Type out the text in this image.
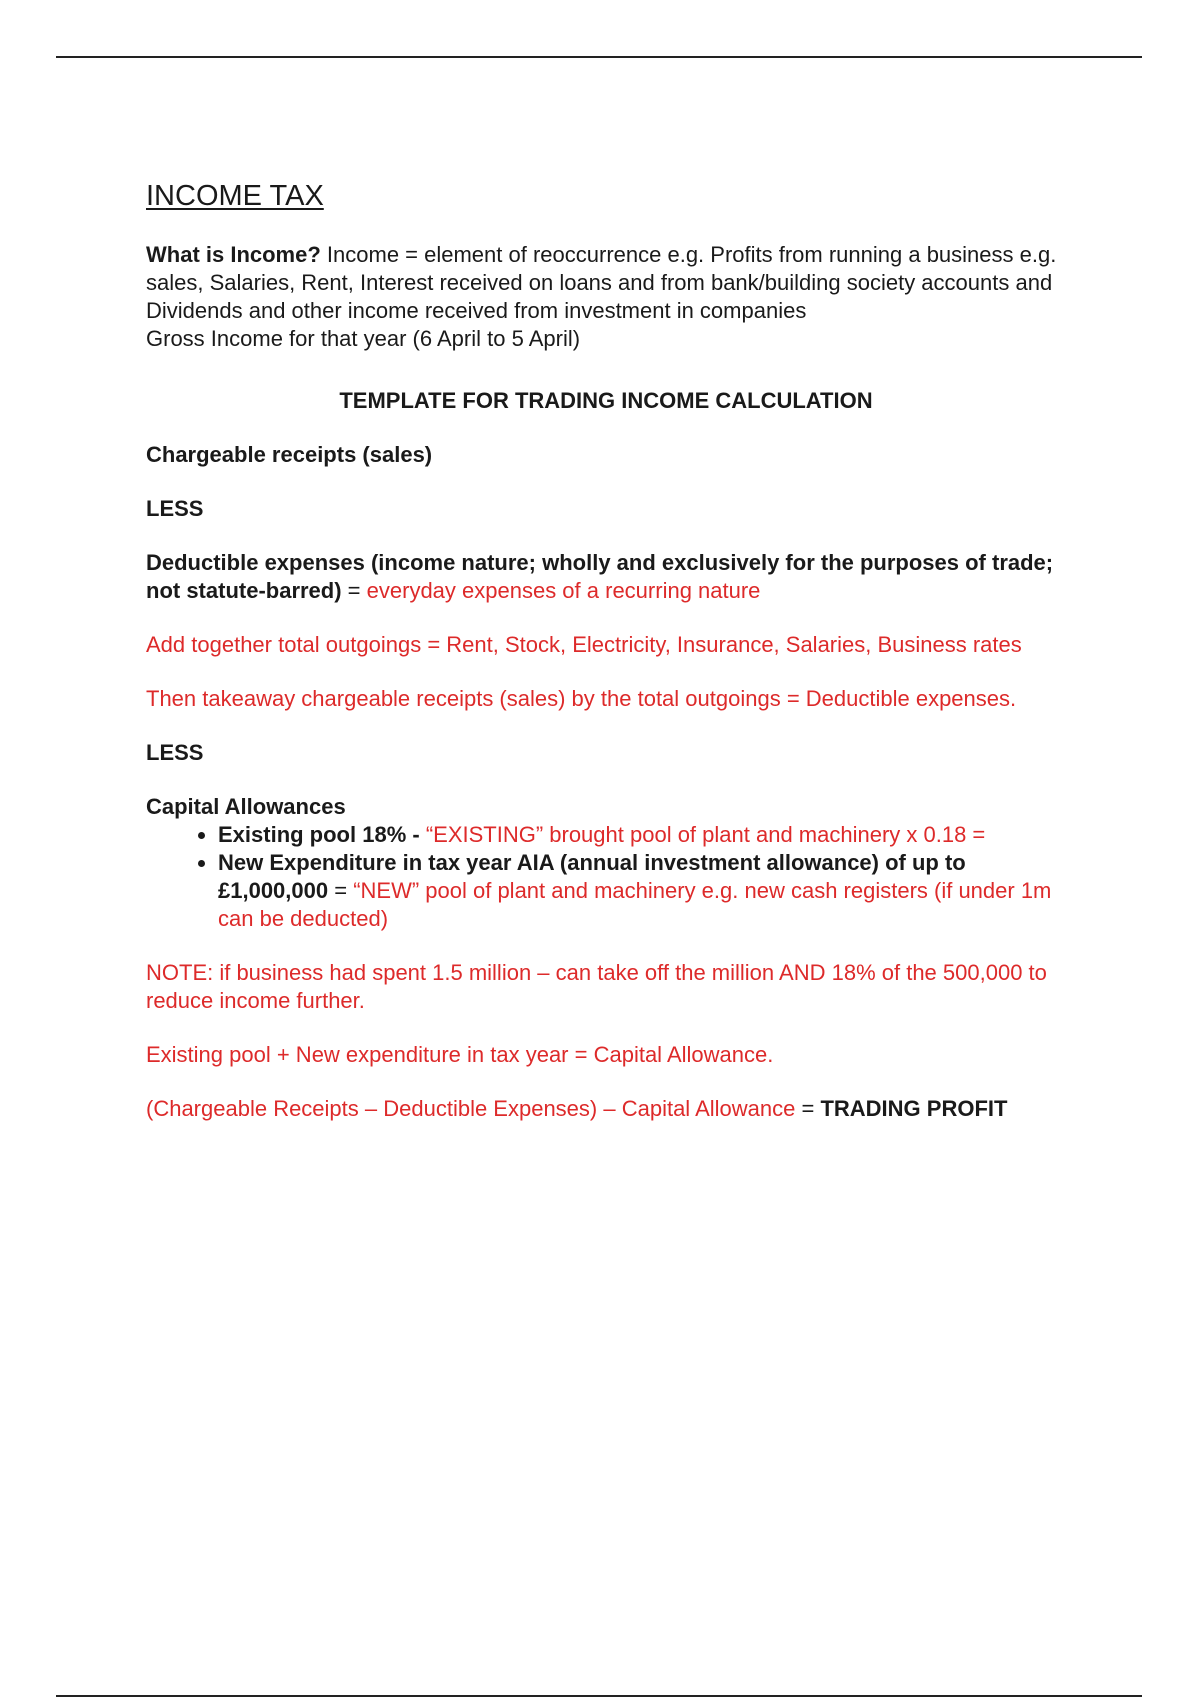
INCOME TAX

What is Income? Income = element of reoccurrence e.g. Profits from running a business e.g. sales, Salaries, Rent, Interest received on loans and from bank/building society accounts and Dividends and other income received from investment in companies

Gross Income for that year (6 April to 5 April)

TEMPLATE FOR TRADING INCOME CALCULATION

Chargeable receipts (sales)

LESS

Deductible expenses (income nature; wholly and exclusively for the purposes of trade; not statute-barred) = everyday expenses of a recurring nature

Add together total outgoings = Rent, Stock, Electricity, Insurance, Salaries, Business rates

Then takeaway chargeable receipts (sales) by the total outgoings = Deductible expenses.

LESS

Capital Allowances

• Existing pool 18% - “EXISTING” brought pool of plant and machinery x 0.18 =
• New Expenditure in tax year AIA (annual investment allowance) of up to £1,000,000 = “NEW” pool of plant and machinery e.g. new cash registers (if under 1m can be deducted)

NOTE: if business had spent 1.5 million – can take off the million AND 18% of the 500,000 to reduce income further.

Existing pool + New expenditure in tax year = Capital Allowance.

(Chargeable Receipts – Deductible Expenses) – Capital Allowance = TRADING PROFIT
